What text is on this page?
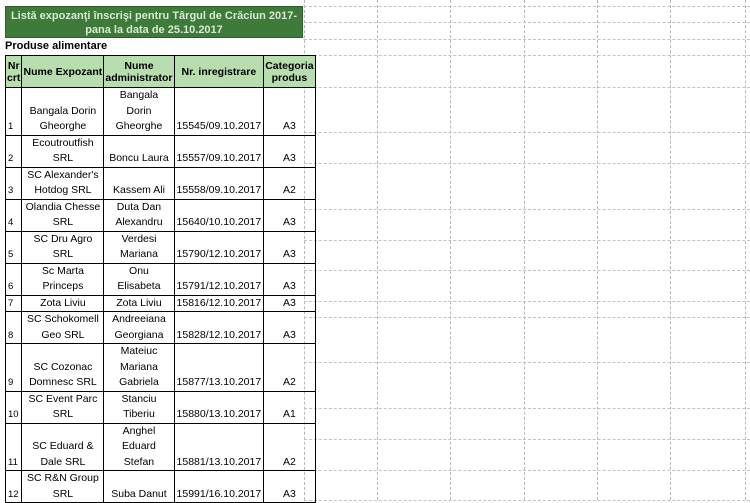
Listă expozanţi înscrişi pentru Târgul de Crăciun 2017-
pana la data de 25.10.2017
Produse alimentare
Nr crt	Nume Expozant	Nume administrator	Nr. inregistrare	Categoria produs
1	Bangala Dorin Gheorghe	Bangala Dorin Gheorghe	15545/09.10.2017	A3
2	Ecoutroutfish SRL	Boncu Laura	15557/09.10.2017	A3
3	SC Alexander's Hotdog SRL	Kassem Ali	15558/09.10.2017	A2
4	Olandia Chesse SRL	Duta Dan Alexandru	15640/10.10.2017	A3
5	SC Dru Agro SRL	Verdesi Mariana	15790/12.10.2017	A3
6	Sc Marta Princeps	Onu Elisabeta	15791/12.10.2017	A3
7	Zota Liviu	Zota Liviu	15816/12.10.2017	A3
8	SC Schokomell Geo SRL	Andreeiana Georgiana	15828/12.10.2017	A3
9	SC Cozonac Domnesc SRL	Mateiuc Mariana Gabriela	15877/13.10.2017	A2
10	SC Event Parc SRL	Stanciu Tiberiu	15880/13.10.2017	A1
11	SC Eduard & Dale SRL	Anghel Eduard Stefan	15881/13.10.2017	A2
12	SC R&N Group SRL	Suba Danut	15991/16.10.2017	A3
